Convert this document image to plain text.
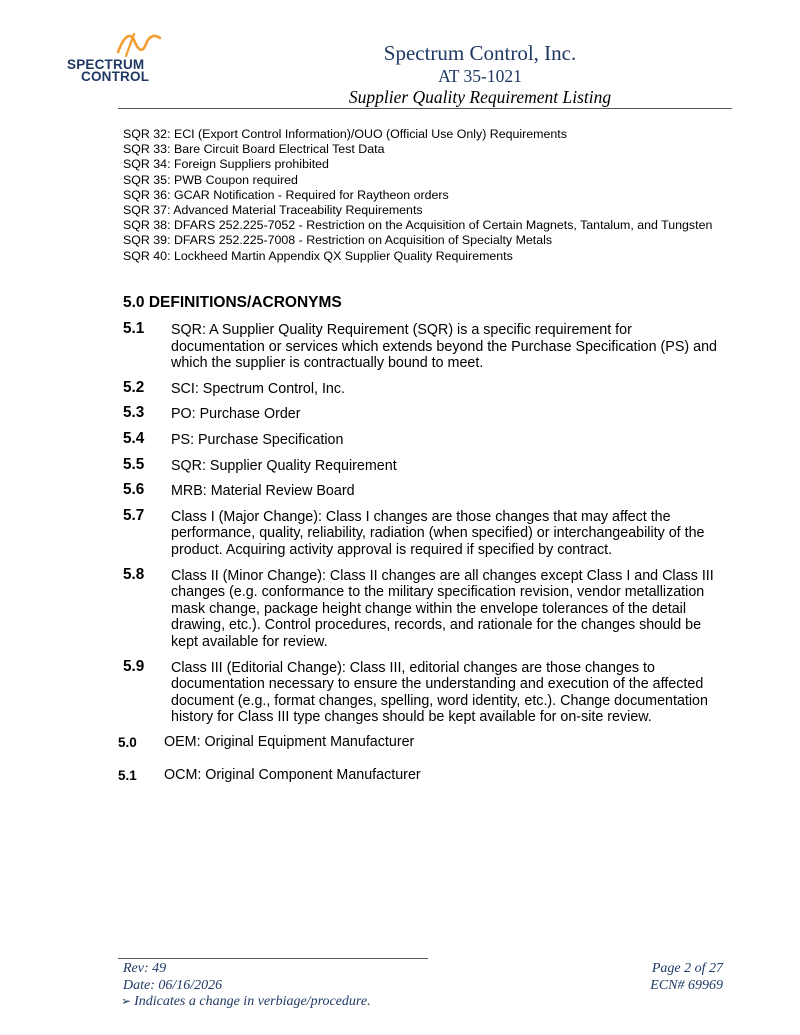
SPECTRUM
CONTROL
Spectrum Control, Inc.
AT 35-1021
Supplier Quality Requirement Listing
SQR 32: ECI (Export Control Information)/OUO (Official Use Only) Requirements
SQR 33: Bare Circuit Board Electrical Test Data
SQR 34: Foreign Suppliers prohibited
SQR 35: PWB Coupon required
SQR 36: GCAR Notification - Required for Raytheon orders
SQR 37: Advanced Material Traceability Requirements
SQR 38: DFARS 252.225-7052 - Restriction on the Acquisition of Certain Magnets, Tantalum, and Tungsten
SQR 39: DFARS 252.225-7008 - Restriction on Acquisition of Specialty Metals
SQR 40: Lockheed Martin Appendix QX Supplier Quality Requirements
5.0 DEFINITIONS/ACRONYMS
5.1 SQR: A Supplier Quality Requirement (SQR) is a specific requirement for documentation or services which extends beyond the Purchase Specification (PS) and which the supplier is contractually bound to meet.
5.2 SCI: Spectrum Control, Inc.
5.3 PO: Purchase Order
5.4 PS: Purchase Specification
5.5 SQR: Supplier Quality Requirement
5.6 MRB: Material Review Board
5.7 Class I (Major Change): Class I changes are those changes that may affect the performance, quality, reliability, radiation (when specified) or interchangeability of the product. Acquiring activity approval is required if specified by contract.
5.8 Class II (Minor Change): Class II changes are all changes except Class I and Class III changes (e.g. conformance to the military specification revision, vendor metallization mask change, package height change within the envelope tolerances of the detail drawing, etc.). Control procedures, records, and rationale for the changes should be kept available for review.
5.9 Class III (Editorial Change): Class III, editorial changes are those changes to documentation necessary to ensure the understanding and execution of the affected document (e.g., format changes, spelling, word identity, etc.). Change documentation history for Class III type changes should be kept available for on-site review.
5.0 OEM: Original Equipment Manufacturer
5.1 OCM: Original Component Manufacturer
Rev: 49
Date: 06/16/2026
Page 2 of 27
ECN# 69969
➢ Indicates a change in verbiage/procedure.
